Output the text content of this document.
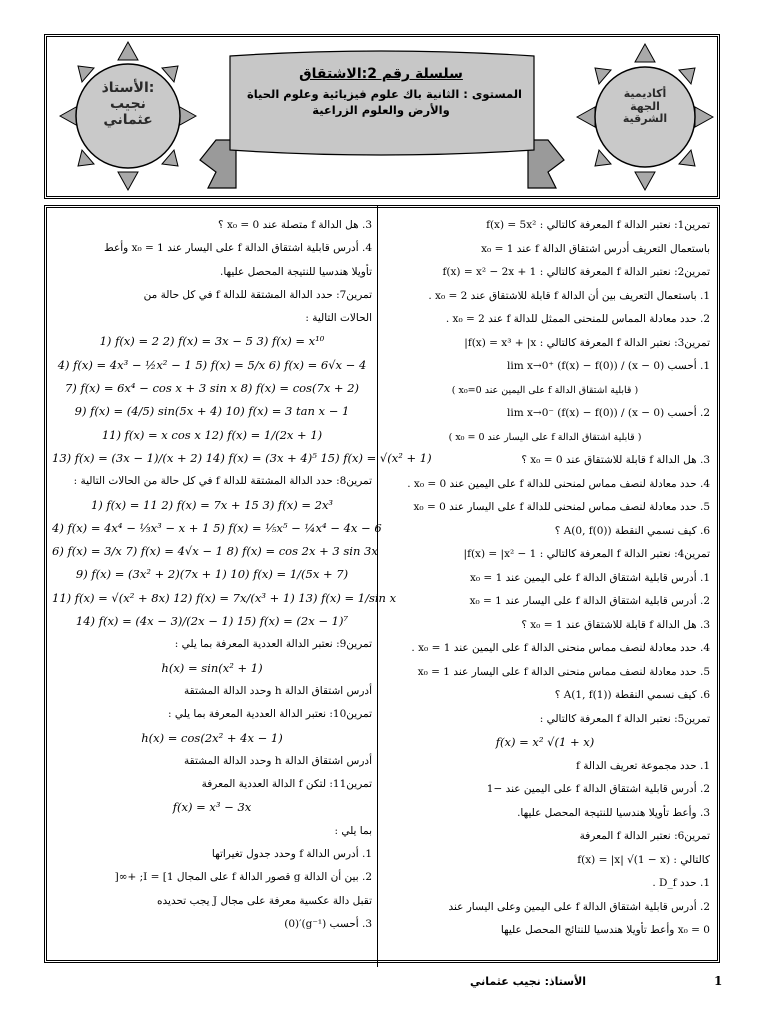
الأستاذ:
نجيب
عثماني
أكاديمية
الجهة
الشرقية
سلسلة رقم 2:الاشتقاق
المستوى : الثانية باك علوم فيزيائية وعلوم الحياة
والأرض والعلوم الزراعية
تمرين1: نعتبر الدالة f المعرفة كالتالي : f(x) = 5x²
باستعمال التعريف أدرس اشتقاق الدالة f عند x₀ = 1
تمرين2: نعتبر الدالة f المعرفة كالتالي : f(x) = x² − 2x + 1
1. باستعمال التعريف بين أن الدالة f قابلة للاشتقاق عند x₀ = 2 .
2. حدد معادلة المماس للمنحنى الممثل للدالة f عند x₀ = 2 .
تمرين3: نعتبر الدالة f المعرفة كالتالي : f(x) = x³ + |x|
1. أحسب lim x→0⁺ (f(x) − f(0)) / (x − 0)
( قابلية اشتقاق الدالة f على اليمين عند x₀=0 )
2. أحسب lim x→0⁻ (f(x) − f(0)) / (x − 0)
( قابلية اشتقاق الدالة f على اليسار عند x₀ = 0 )
3. هل الدالة f قابلة للاشتقاق عند x₀ = 0 ؟
4. حدد معادلة لنصف مماس لمنحنى للدالة f على اليمين عند x₀ = 0 .
5. حدد معادلة لنصف مماس لمنحنى للدالة f على اليسار عند x₀ = 0
6. كيف نسمي النقطة A(0, f(0)) ؟
تمرين4: نعتبر الدالة f المعرفة كالتالي : f(x) = |x² − 1|
1. أدرس قابلية اشتقاق الدالة f على اليمين عند x₀ = 1
2. أدرس قابلية اشتقاق الدالة f على اليسار عند x₀ = 1
3. هل الدالة f قابلة للاشتقاق عند x₀ = 1 ؟
4. حدد معادلة لنصف مماس منحنى الدالة f على اليمين عند x₀ = 1 .
5. حدد معادلة لنصف مماس منحنى الدالة f على اليسار عند x₀ = 1
6. كيف نسمي النقطة A(1, f(1)) ؟
تمرين5: نعتبر الدالة f المعرفة كالتالي :
f(x) = x² √(1 + x)
1. حدد مجموعة تعريف الدالة f
2. أدرس قابلية اشتقاق الدالة f على اليمين عند −1
3. وأعط تأويلا هندسيا للنتيجة المحصل عليها.
تمرين6: نعتبر الدالة f المعرفة
كالتالي : f(x) = |x| √(1 − x)
1. حدد D_f .
2. أدرس قابلية اشتقاق الدالة f على اليمين وعلى اليسار عند
x₀ = 0 وأعط تأويلا هندسيا للنتائج المحصل عليها
3. هل الدالة f متصلة عند x₀ = 0 ؟
4. أدرس قابلية اشتقاق الدالة f على اليسار عند x₀ = 1 وأعط
تأويلا هندسيا للنتيجة المحصل عليها.
تمرين7: حدد الدالة المشتقة للدالة f في كل حالة من
الحالات التالية :
1) f(x) = 2 2) f(x) = 3x − 5 3) f(x) = x¹⁰
4) f(x) = 4x³ − ½x² − 1 5) f(x) = 5/x 6) f(x) = 6√x − 4
7) f(x) = 6x⁴ − cos x + 3 sin x 8) f(x) = cos(7x + 2)
9) f(x) = (4/5) sin(5x + 4) 10) f(x) = 3 tan x − 1
11) f(x) = x cos x 12) f(x) = 1/(2x + 1)
13) f(x) = (3x − 1)/(x + 2) 14) f(x) = (3x + 4)⁵ 15) f(x) = √(x² + 1)
تمرين8: حدد الدالة المشتقة للدالة f في كل حالة من الحالات التالية :
1) f(x) = 11 2) f(x) = 7x + 15 3) f(x) = 2x³
4) f(x) = 4x⁴ − ⅓x³ − x + 1 5) f(x) = ⅕x⁵ − ¼x⁴ − 4x − 6
6) f(x) = 3/x 7) f(x) = 4√x − 1 8) f(x) = cos 2x + 3 sin 3x
9) f(x) = (3x² + 2)(7x + 1) 10) f(x) = 1/(5x + 7)
11) f(x) = √(x² + 8x) 12) f(x) = 7x/(x³ + 1) 13) f(x) = 1/sin x
14) f(x) = (4x − 3)/(2x − 1) 15) f(x) = (2x − 1)⁷
تمرين9: نعتبر الدالة العددية المعرفة بما يلي :
h(x) = sin(x² + 1)
أدرس اشتقاق الدالة h وحدد الدالة المشتقة
تمرين10: نعتبر الدالة العددية المعرفة بما يلي :
h(x) = cos(2x² + 4x − 1)
أدرس اشتقاق الدالة h وحدد الدالة المشتقة
تمرين11: لتكن f الدالة العددية المعرفة
f(x) = x³ − 3x
بما يلي :
1. أدرس الدالة f وحدد جدول تغيراتها
2. بين أن الدالة g قصور الدالة f على المجال I = [1; +∞[
تقبل دالة عكسية معرفة على مجال J يجب تحديده
3. أحسب (g⁻¹)′(0)
الأستاذ: نجيب عثماني	1
